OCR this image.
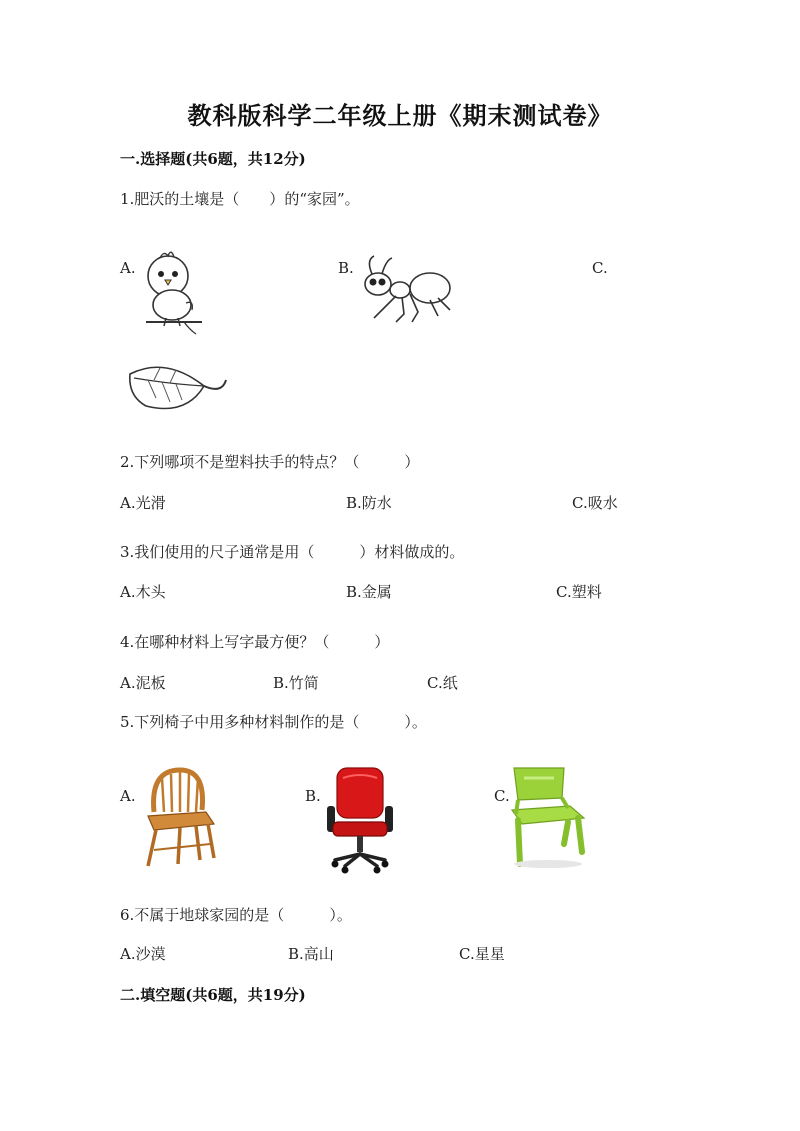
教科版科学二年级上册《期末测试卷》
一.选择题(共6题，共12分)
1.肥沃的土壤是（　　）的“家园”。
A.	B.	C.
2.下列哪项不是塑料扶手的特点？（　　　）
A.光滑	B.防水	C.吸水
3.我们使用的尺子通常是用（　　　）材料做成的。
A.木头	B.金属	C.塑料
4.在哪种材料上写字最方便？（　　　）
A.泥板	B.竹简	C.纸
5.下列椅子中用多种材料制作的是（　　　）。
A.	B.	C.
6.不属于地球家园的是（　　　）。
A.沙漠	B.高山	C.星星
二.填空题(共6题，共19分)
